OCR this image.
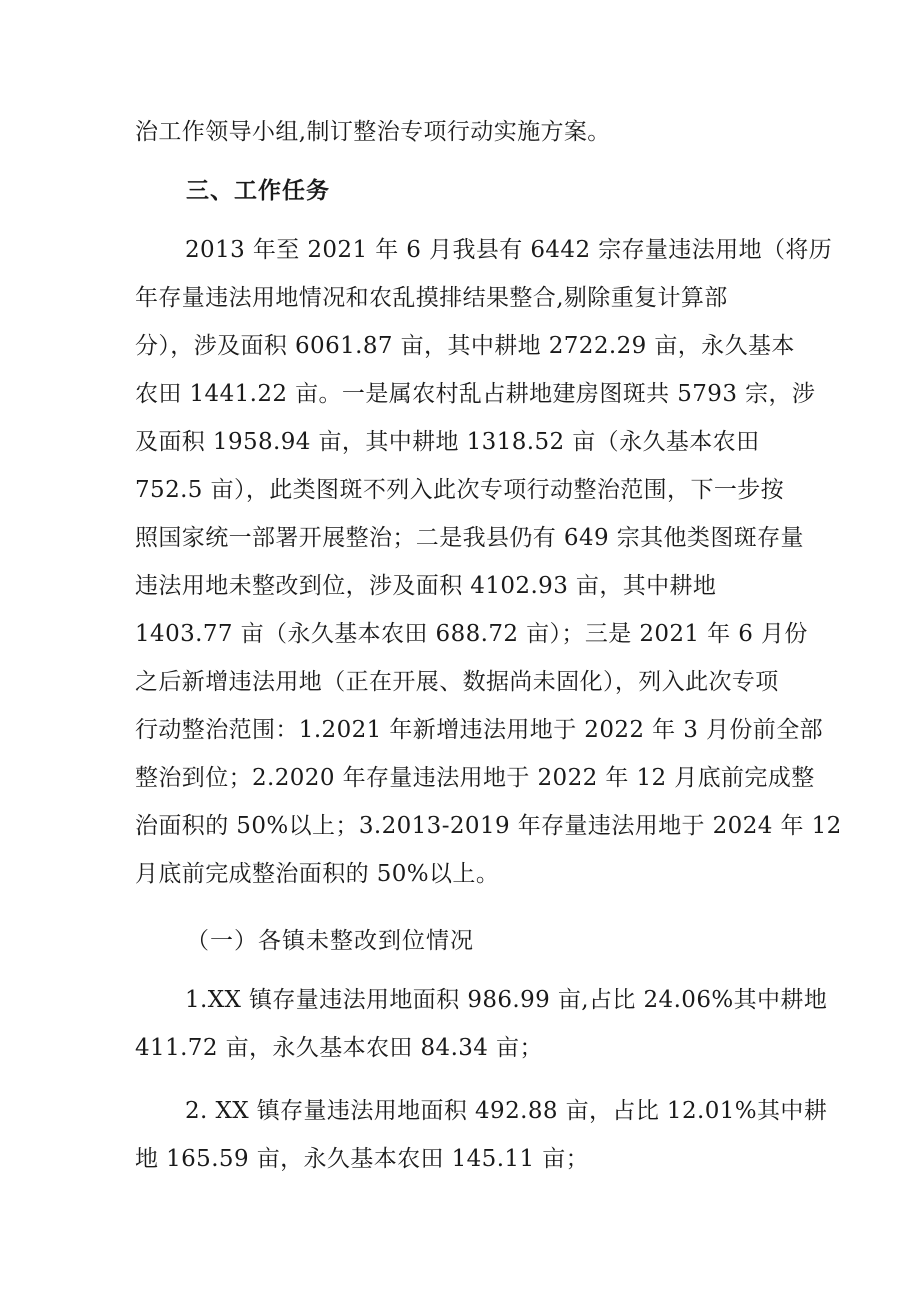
治工作领导小组,制订整治专项行动实施方案。
三、工作任务
2013 年至 2021 年 6 月我县有 6442 宗存量违法用地（将历
年存量违法用地情况和农乱摸排结果整合,剔除重复计算部
分），涉及面积 6061.87 亩，其中耕地 2722.29 亩，永久基本
农田 1441.22 亩。一是属农村乱占耕地建房图斑共 5793 宗，涉
及面积 1958.94 亩，其中耕地 1318.52 亩（永久基本农田
752.5 亩），此类图斑不列入此次专项行动整治范围，下一步按
照国家统一部署开展整治；二是我县仍有 649 宗其他类图斑存量
违法用地未整改到位，涉及面积 4102.93 亩，其中耕地
1403.77 亩（永久基本农田 688.72 亩）；三是 2021 年 6 月份
之后新增违法用地（正在开展、数据尚未固化），列入此次专项
行动整治范围：1.2021 年新增违法用地于 2022 年 3 月份前全部
整治到位；2.2020 年存量违法用地于 2022 年 12 月底前完成整
治面积的 50%以上；3.2013-2019 年存量违法用地于 2024 年 12
月底前完成整治面积的 50%以上。
（一）各镇未整改到位情况
1.XX 镇存量违法用地面积 986.99 亩,占比 24.06%其中耕地
411.72 亩，永久基本农田 84.34 亩；
2. XX 镇存量违法用地面积 492.88 亩，占比 12.01%其中耕
地 165.59 亩，永久基本农田 145.11 亩；
